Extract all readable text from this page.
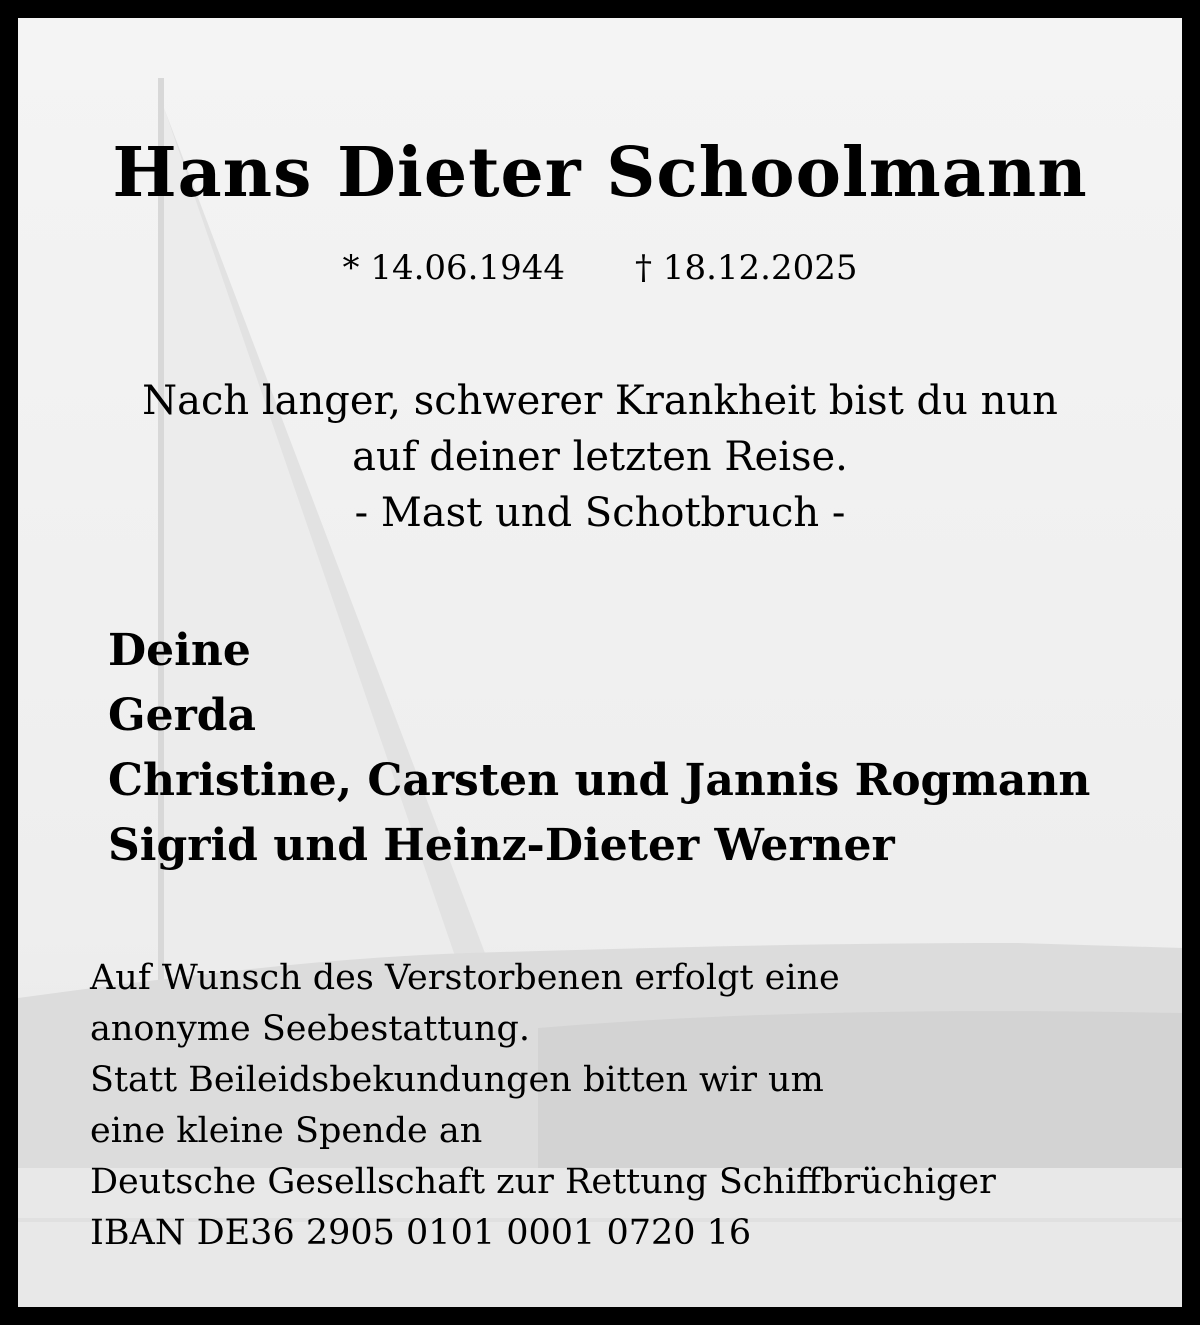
Hans Dieter Schoolmann
* 14.06.1944 † 18.12.2025
Nach langer, schwerer Krankheit bist du nun
auf deiner letzten Reise.
- Mast und Schotbruch -
Deine
Gerda
Christine, Carsten und Jannis Rogmann
Sigrid und Heinz-Dieter Werner
Auf Wunsch des Verstorbenen erfolgt eine
anonyme Seebestattung.
Statt Beileidsbekundungen bitten wir um
eine kleine Spende an
Deutsche Gesellschaft zur Rettung Schiffbrüchiger
IBAN DE36 2905 0101 0001 0720 16
